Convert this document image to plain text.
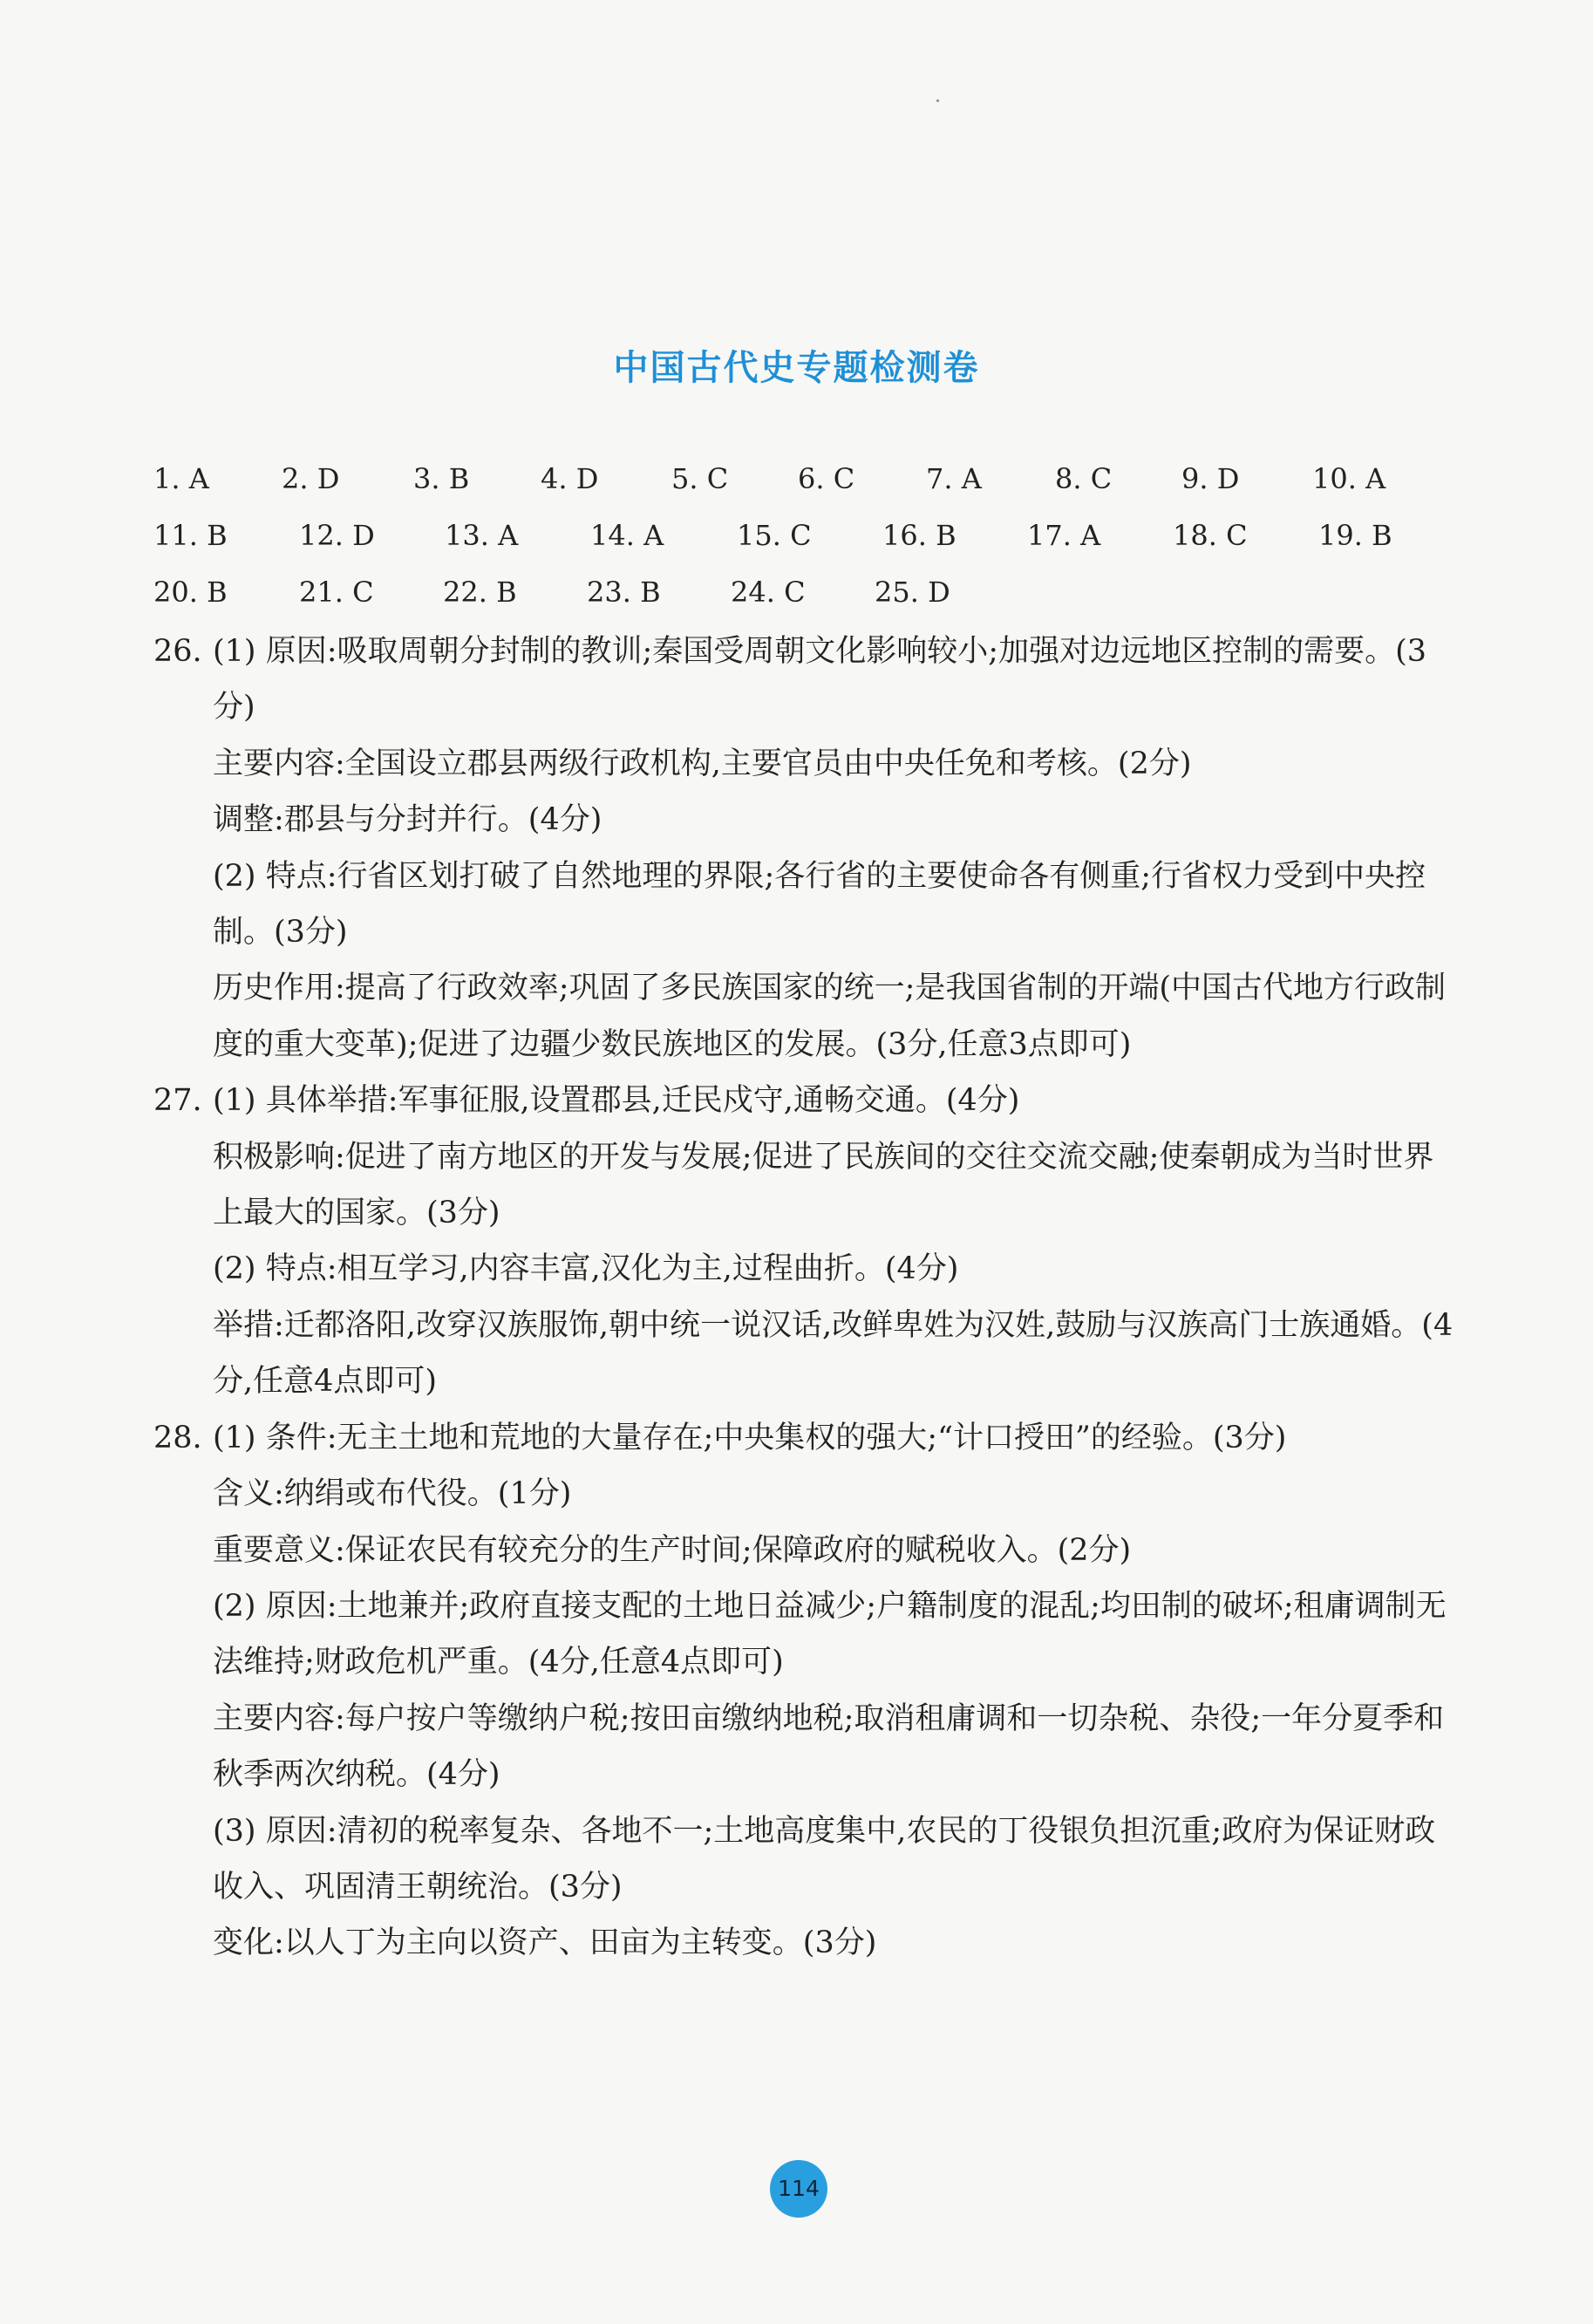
中国古代史专题检测卷
1. A	2. D	3. B	4. D	5. C 6. C	7. A	8. C 9. D	10. A
11. B	12. D	13. A	14. A	15. C	16. B	17. A	18. C	19. B
20. B	21. C 22. B	23. B	24. C 25. D
26. (1) 原因:吸取周朝分封制的教训;秦国受周朝文化影响较小;加强对边远地区控制的需要。(3分)
主要内容:全国设立郡县两级行政机构,主要官员由中央任免和考核。(2分)
调整:郡县与分封并行。(4分)
(2) 特点:行省区划打破了自然地理的界限;各行省的主要使命各有侧重;行省权力受到中央控制。(3分)
历史作用:提高了行政效率;巩固了多民族国家的统一;是我国省制的开端(中国古代地方行政制度的重大变革);促进了边疆少数民族地区的发展。(3分,任意3点即可)
27. (1) 具体举措:军事征服,设置郡县,迁民戍守,通畅交通。(4分)
积极影响:促进了南方地区的开发与发展;促进了民族间的交往交流交融;使秦朝成为当时世界上最大的国家。(3分)
(2) 特点:相互学习,内容丰富,汉化为主,过程曲折。(4分)
举措:迁都洛阳,改穿汉族服饰,朝中统一说汉话,改鲜卑姓为汉姓,鼓励与汉族高门士族通婚。(4分,任意4点即可)
28. (1) 条件:无主土地和荒地的大量存在;中央集权的强大;“计口授田”的经验。(3分)
含义:纳绢或布代役。(1分)
重要意义:保证农民有较充分的生产时间;保障政府的赋税收入。(2分)
(2) 原因:土地兼并;政府直接支配的土地日益减少;户籍制度的混乱;均田制的破坏;租庸调制无法维持;财政危机严重。(4分,任意4点即可)
主要内容:每户按户等缴纳户税;按田亩缴纳地税;取消租庸调和一切杂税、杂役;一年分夏季和秋季两次纳税。(4分)
(3) 原因:清初的税率复杂、各地不一;土地高度集中,农民的丁役银负担沉重;政府为保证财政收入、巩固清王朝统治。(3分)
变化:以人丁为主向以资产、田亩为主转变。(3分)
114
